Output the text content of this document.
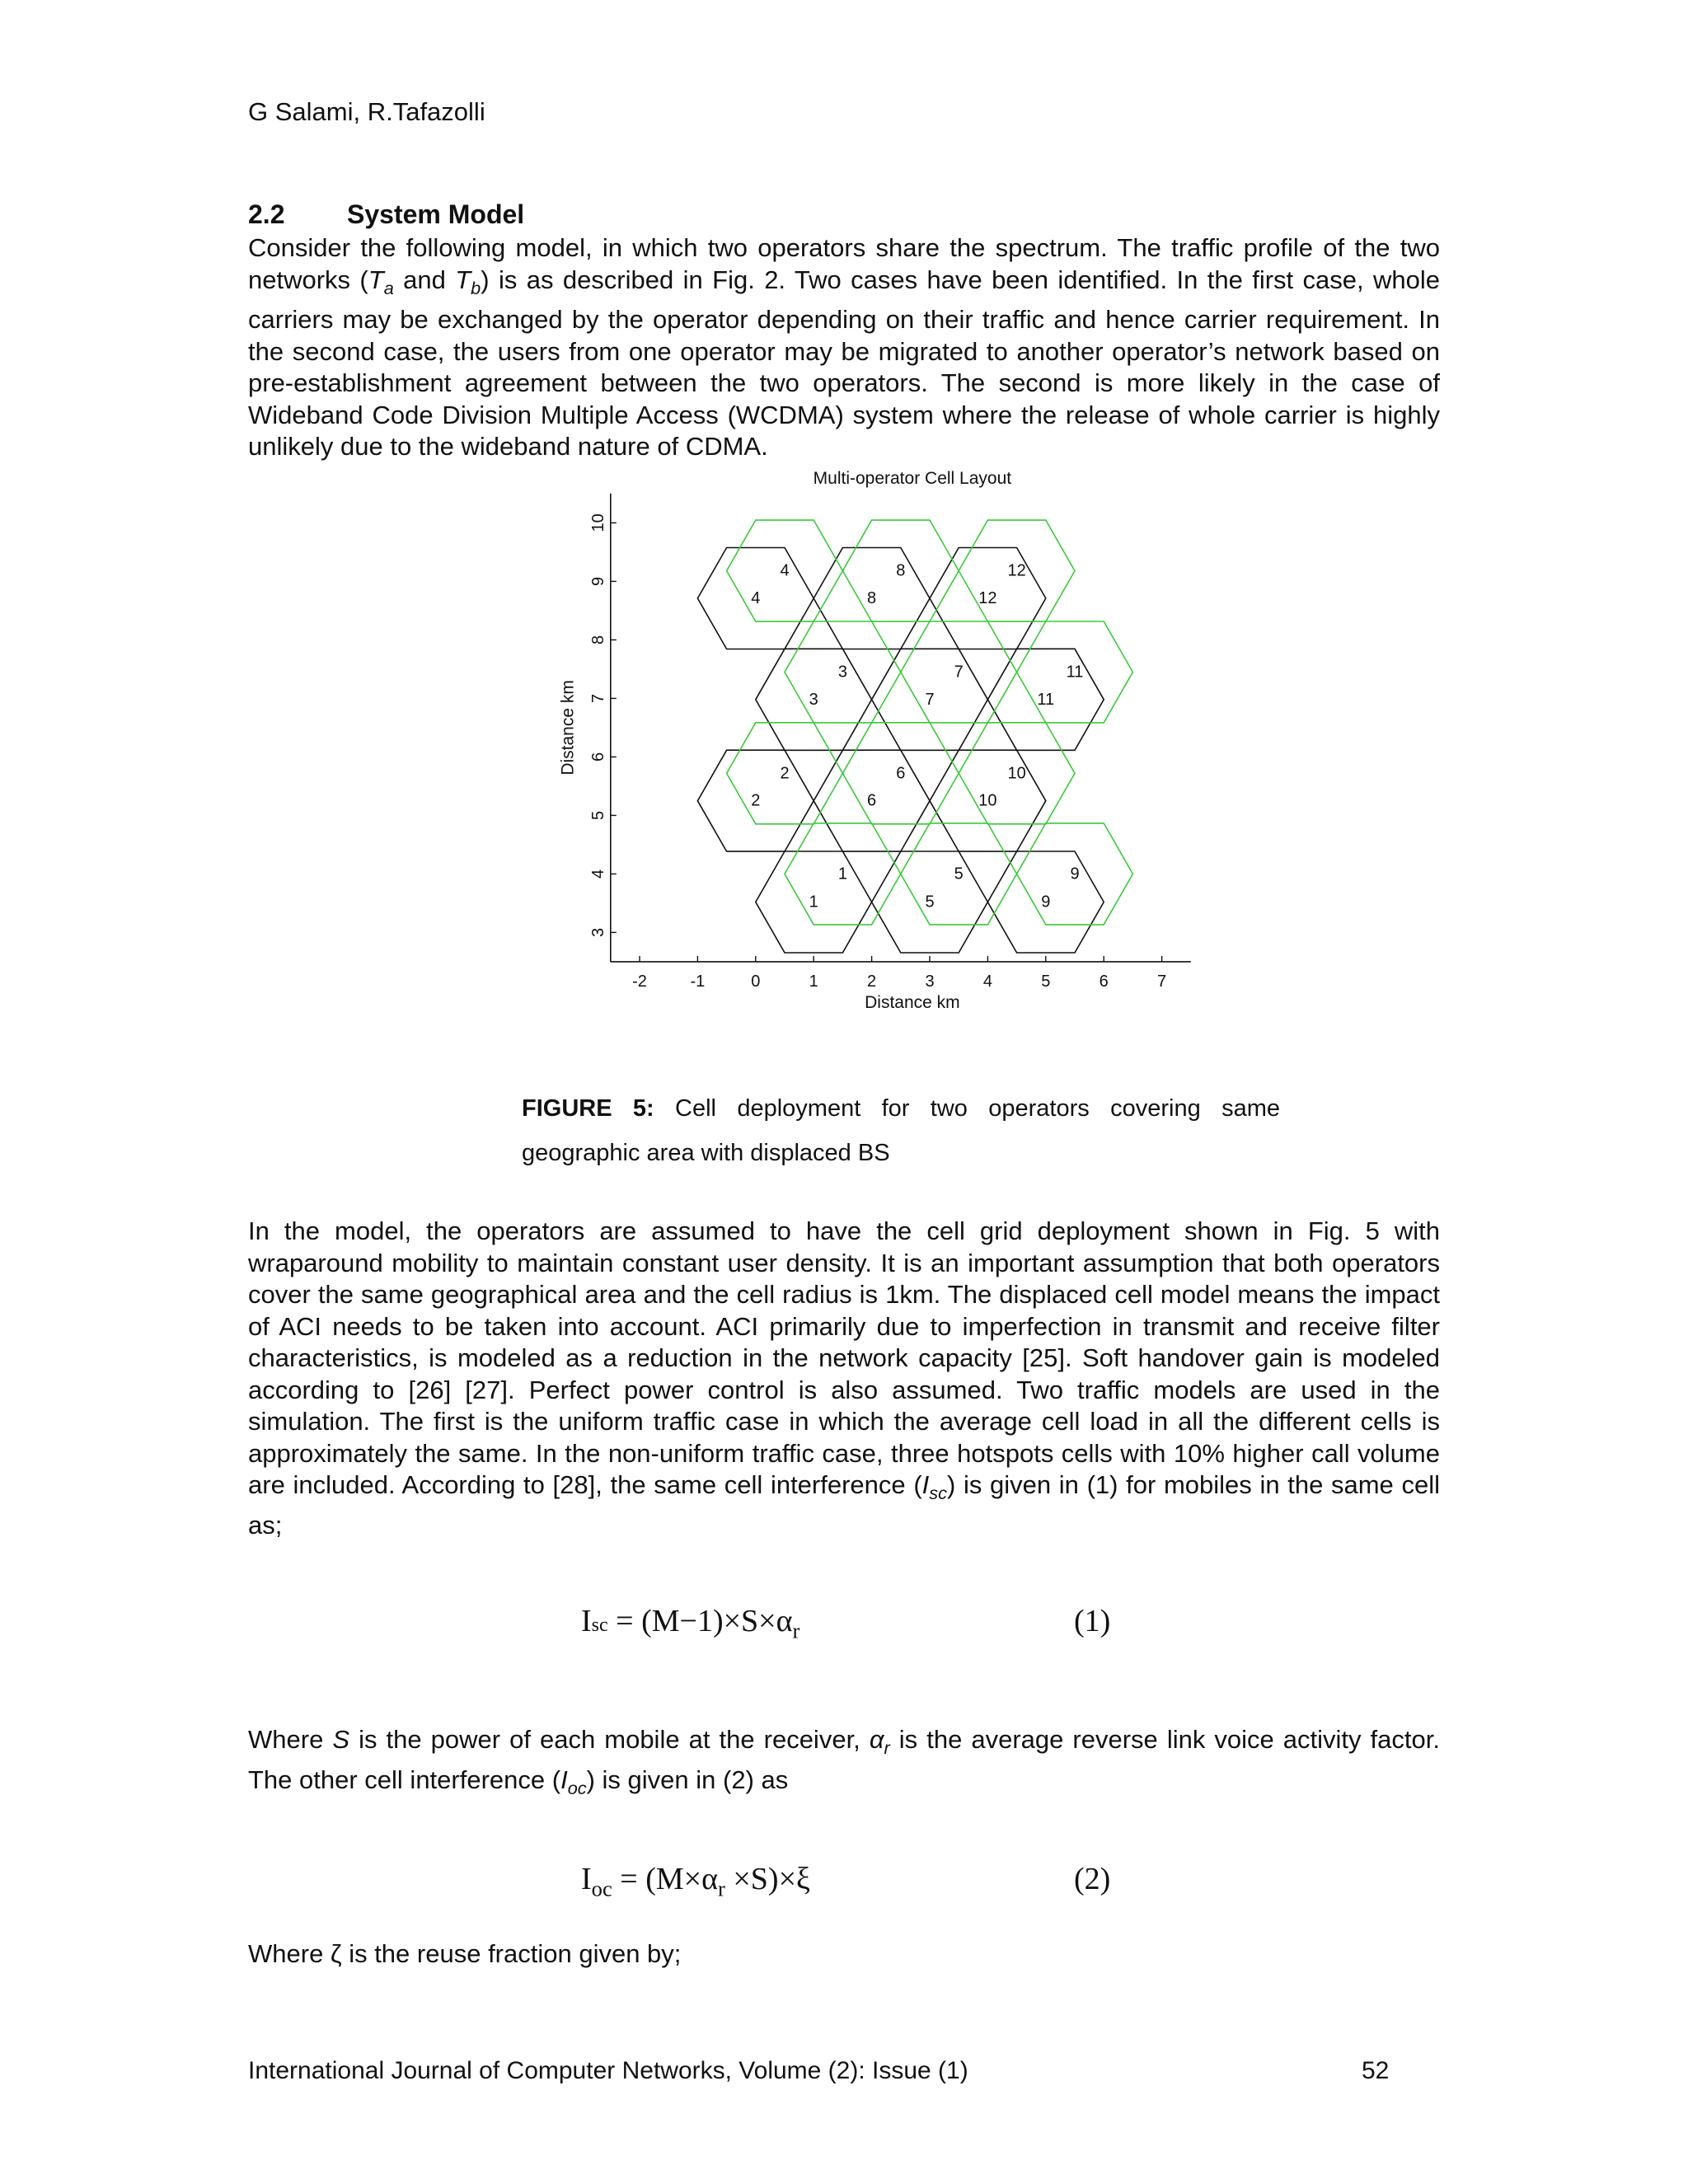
G Salami, R.Tafazolli
2.2 System Model
Consider the following model, in which two operators share the spectrum. The traffic profile of the two networks ($T_a$ and $T_b$) is as described in Fig. 2. Two cases have been identified. In the first case, whole carriers may be exchanged by the operator depending on their traffic and hence carrier requirement. In the second case, the users from one operator may be migrated to another operator’s network based on pre-establishment agreement between the two operators. The second is more likely in the case of Wideband Code Division Multiple Access (WCDMA) system where the release of whole carrier is highly unlikely due to the wideband nature of CDMA.
-2	-1	0	1	2	3	4	5	6	7
3
4
5
6
7
8
9
10
Multi-operator Cell Layout
Distance km
Distance km
1
2
3
4
5
6
7
8
9
10
11
12
1
2
3
4
5
6
7
8
9
10
11
12
FIGURE 5: Cell deployment for two operators covering same geographic area with displaced BS
In the model, the operators are assumed to have the cell grid deployment shown in Fig. 5 with wraparound mobility to maintain constant user density. It is an important assumption that both operators cover the same geographical area and the cell radius is 1km. The displaced cell model means the impact of ACI needs to be taken into account. ACI primarily due to imperfection in transmit and receive filter characteristics, is modeled as a reduction in the network capacity [25]. Soft handover gain is modeled according to [26] [27]. Perfect power control is also assumed. Two traffic models are used in the simulation. The first is the uniform traffic case in which the average cell load in all the different cells is approximately the same. In the non-uniform traffic case, three hotspots cells with 10% higher call volume are included. According to [28], the same cell interference $(I_{sc})$ is given in (1) for mobiles in the same cell as;
Isc = $(M-1)\times S\times\alpha_r$	(1)
Where S is the power of each mobile at the receiver, $\alpha_r$ is the average reverse link voice activity factor. The other cell interference $(I_{oc})$ is given in (2) as
$I_{oc} = (M\times\alpha_r \times S)\times\xi$	(2)
Where ζ is the reuse fraction given by;
International Journal of Computer Networks, Volume (2): Issue (1)	52
